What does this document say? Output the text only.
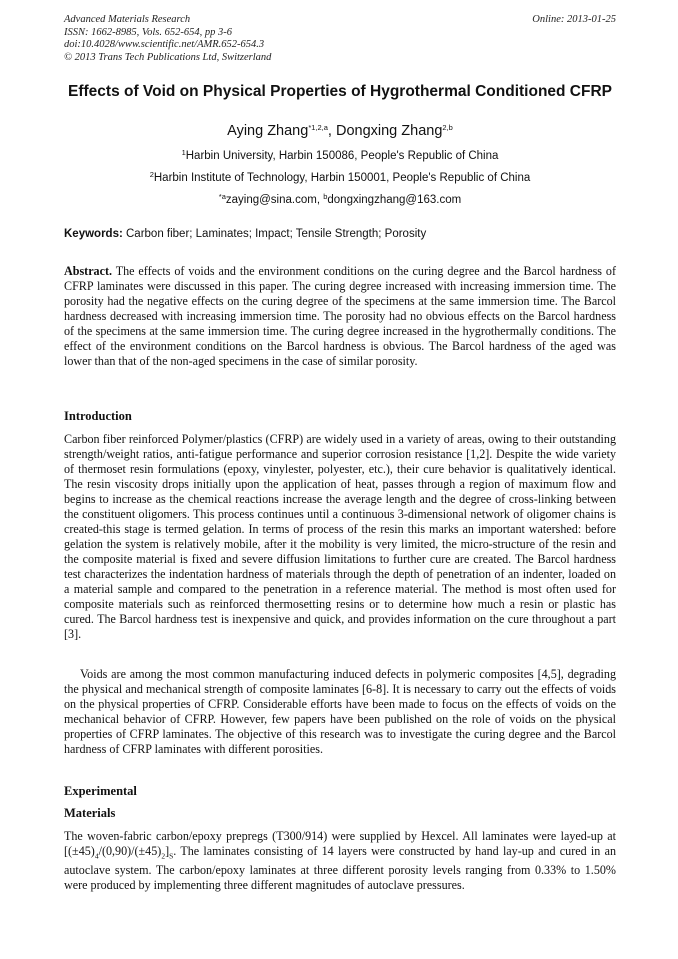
Advanced Materials Research
ISSN: 1662-8985, Vols. 652-654, pp 3-6
doi:10.4028/www.scientific.net/AMR.652-654.3
© 2013 Trans Tech Publications Ltd, Switzerland
Online: 2013-01-25
Effects of Void on Physical Properties of Hygrothermal Conditioned CFRP
Aying Zhang$^{*1,2,a}$, Dongxing Zhang$^{2,b}$
$^1$Harbin University, Harbin 150086, People's Republic of China
$^2$Harbin Institute of Technology, Harbin 150001, People's Republic of China
$^{*a}$zaying@sina.com, $^b$dongxingzhang@163.com
Keywords: Carbon fiber; Laminates; Impact; Tensile Strength; Porosity
Abstract. The effects of voids and the environment conditions on the curing degree and the Barcol hardness of CFRP laminates were discussed in this paper. The curing degree increased with increasing immersion time. The porosity had the negative effects on the curing degree of the specimens at the same immersion time. The Barcol hardness decreased with increasing immersion time. The porosity had no obvious effects on the Barcol hardness of the specimens at the same immersion time. The curing degree increased in the hygrothermally conditions. The effect of the environment conditions on the Barcol hardness is obvious. The Barcol hardness of the aged was lower than that of the non-aged specimens in the case of similar porosity.
Introduction
Carbon fiber reinforced Polymer/plastics (CFRP) are widely used in a variety of areas, owing to their outstanding strength/weight ratios, anti-fatigue performance and superior corrosion resistance [1,2]. Despite the wide variety of thermoset resin formulations (epoxy, vinylester, polyester, etc.), their cure behavior is qualitatively identical. The resin viscosity drops initially upon the application of heat, passes through a region of maximum flow and begins to increase as the chemical reactions increase the average length and the degree of cross-linking between the constituent oligomers. This process continues until a continuous 3-dimensional network of oligomer chains is created-this stage is termed gelation. In terms of process of the resin this marks an important watershed: before gelation the system is relatively mobile, after it the mobility is very limited, the micro-structure of the resin and the composite material is fixed and severe diffusion limitations to further cure are created. The Barcol hardness test characterizes the indentation hardness of materials through the depth of penetration of an indenter, loaded on a material sample and compared to the penetration in a reference material. The method is most often used for composite materials such as reinforced thermosetting resins or to determine how much a resin or plastic has cured. The Barcol hardness test is inexpensive and quick, and provides information on the cure throughout a part [3].
Voids are among the most common manufacturing induced defects in polymeric composites [4,5], degrading the physical and mechanical strength of composite laminates [6-8]. It is necessary to carry out the effects of voids on the physical properties of CFRP. Considerable efforts have been made to focus on the effects of voids on the mechanical behavior of CFRP. However, few papers have been published on the role of voids on the physical properties of CFRP laminates. The objective of this research was to investigate the curing degree and the Barcol hardness of CFRP laminates with different porosities.
Experimental
Materials
The woven-fabric carbon/epoxy prepregs (T300/914) were supplied by Hexcel. All laminates were layed-up at $[(\pm 45)_4/(0,90)/(\pm 45)_2]_S$. The laminates consisting of 14 layers were constructed by hand lay-up and cured in an autoclave system. The carbon/epoxy laminates at three different porosity levels ranging from 0.33% to 1.50% were produced by implementing three different magnitudes of autoclave pressures.
